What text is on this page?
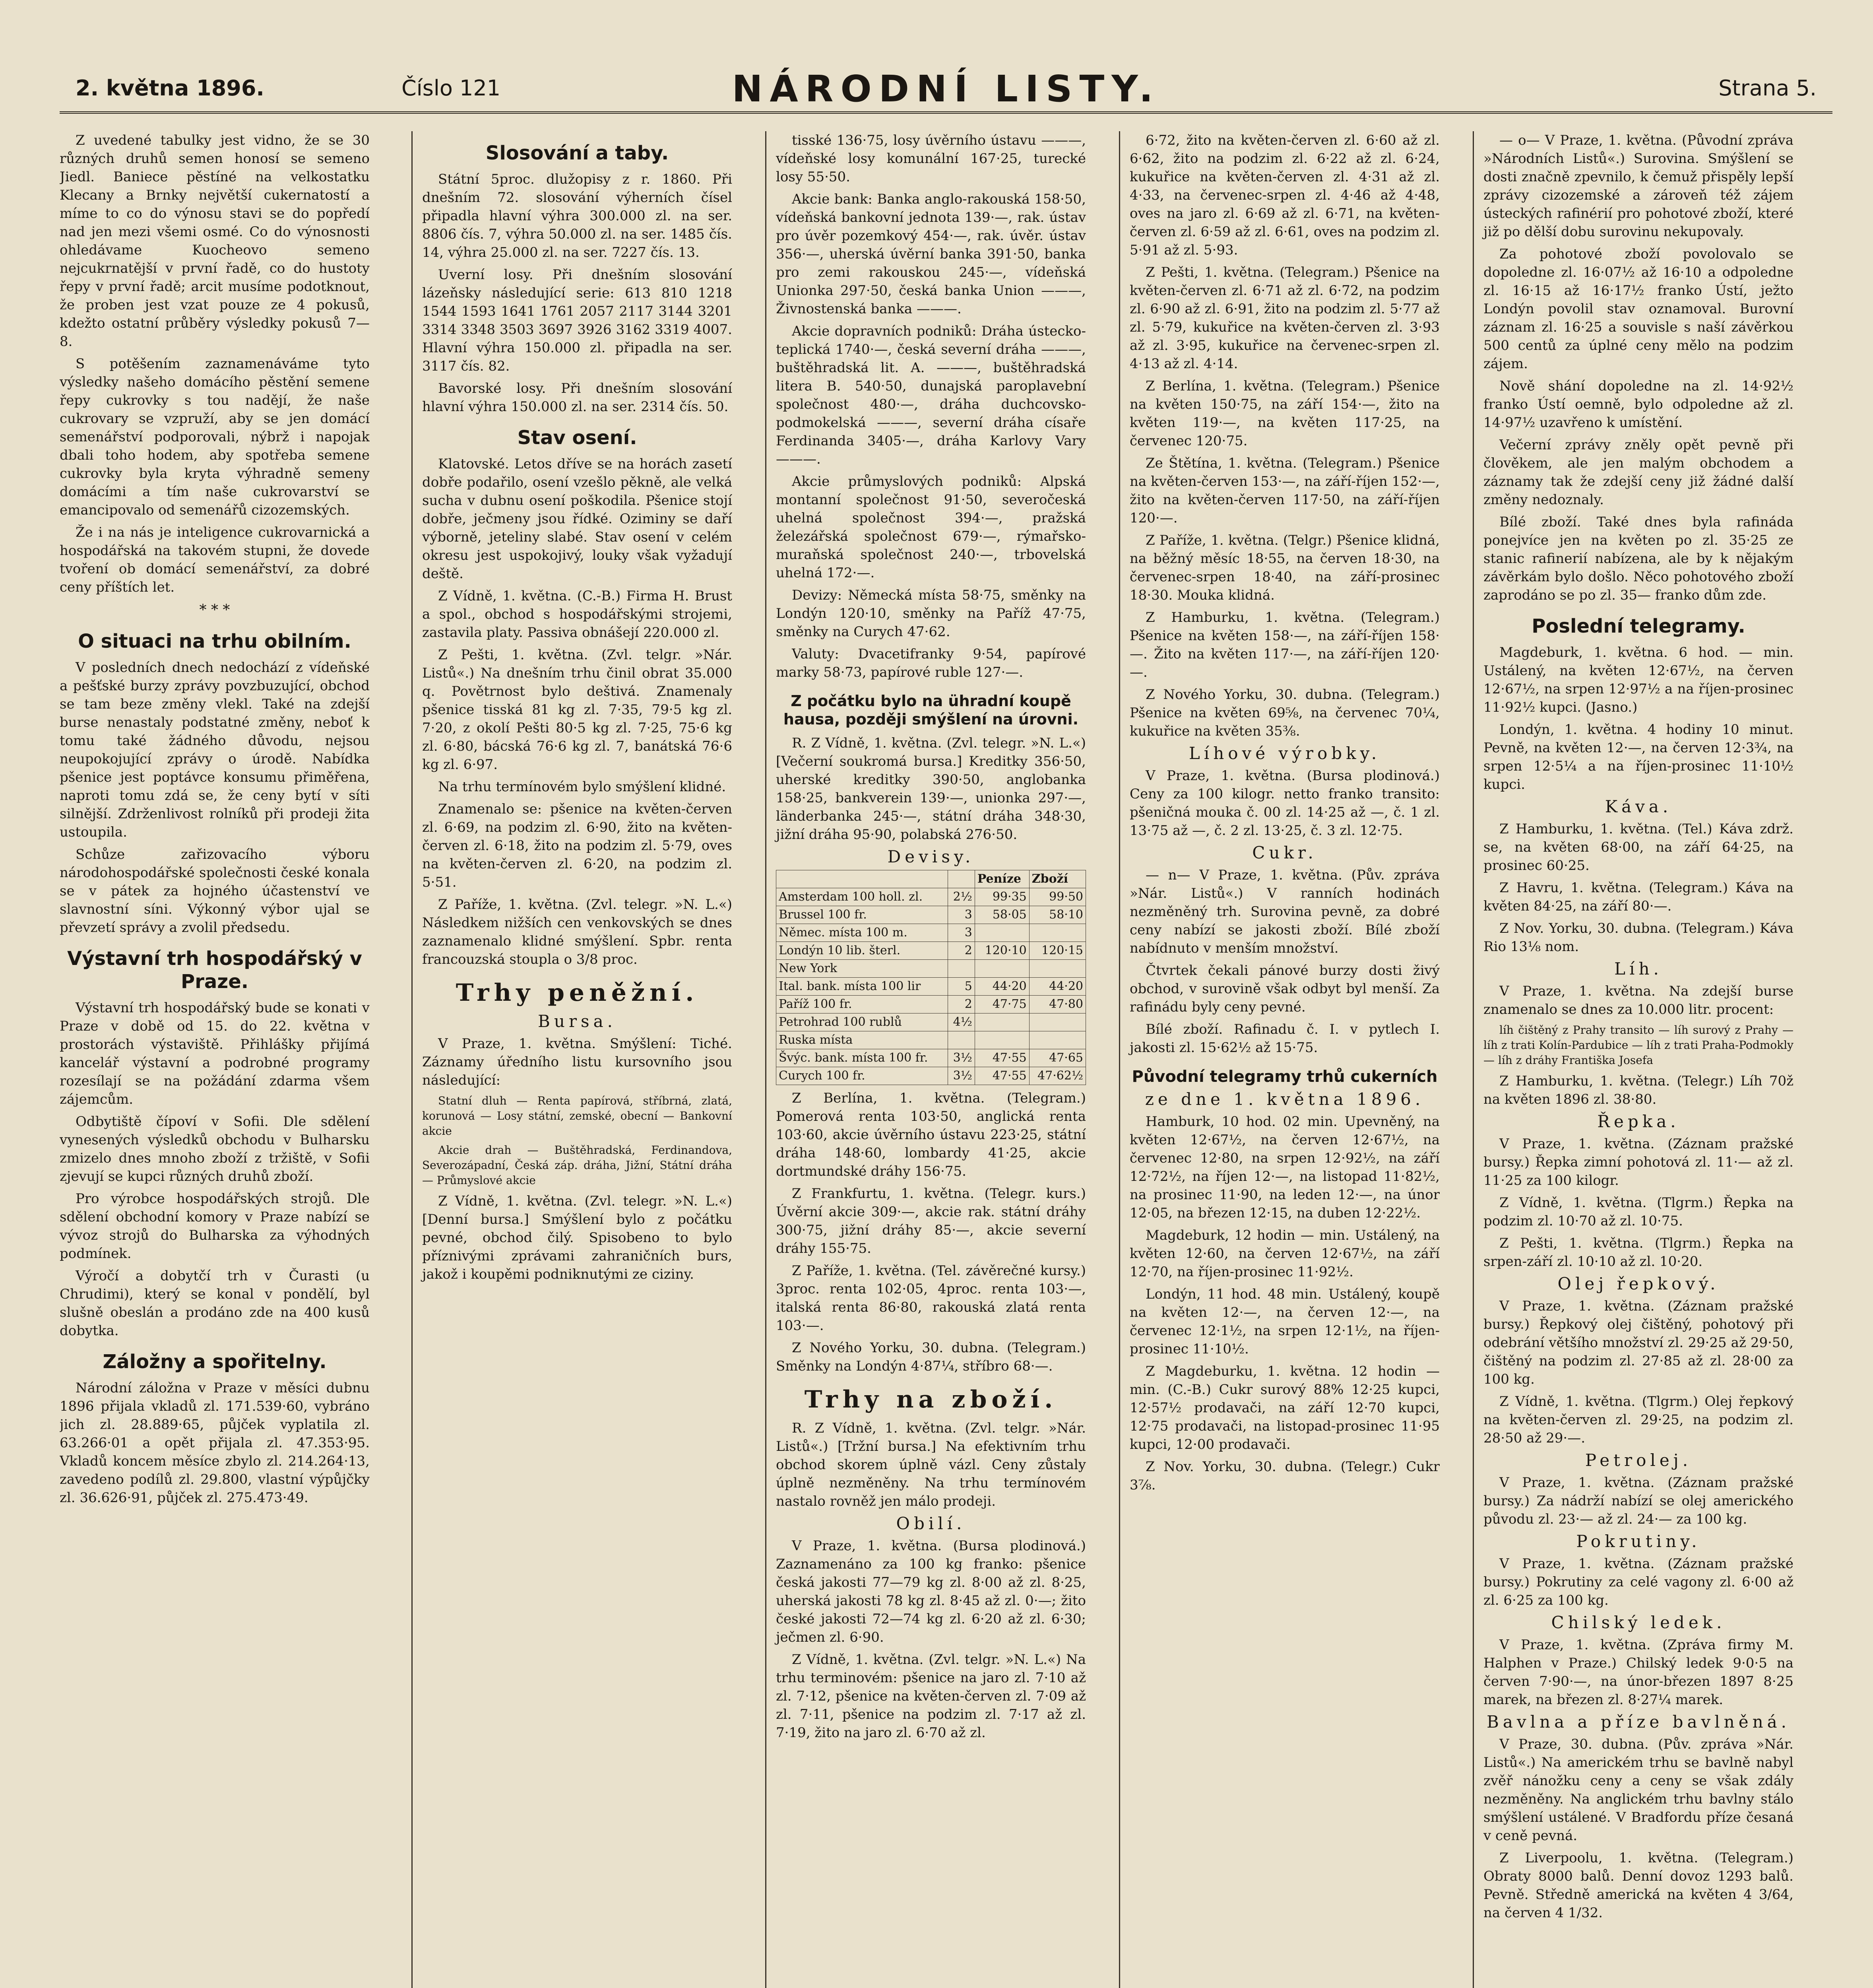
2. května 1896.	Číslo 121	NÁRODNÍ LISTY.	Strana 5.

Z uvedené tabulky jest vidno, že se 30 různých druhů semen honosí se semeno Jiedl. Baniece pěstíné na velkostatku Klecany a Brnky největší cukernatostí a míme to co do výnosu stavi se do popředí nad jen mezi všemi osmé. Co do výnosnosti ohledávame Kuocheovo semeno nejcukrnatější v první řadě, co do hustoty řepy v první řadě; arcit musíme podotknout, že proben jest vzat pouze ze 4 pokusů, kdežto ostatní průběry výsledky pokusů 7—8.

S potěšením zaznamenáváme tyto výsledky našeho domácího pěstění semene řepy cukrovky s tou nadějí, že naše cukrovary se vzpruží, aby se jen domácí semenářství podporovali, nýbrž i napojak dbali toho hodem, aby spotřeba semene cukrovky byla kryta výhradně semeny domácími a tím naše cukrovarství se emancipovalo od semenářů cizozemských.

Že i na nás je inteligence cukrovarnická a hospodářská na takovém stupni, že dovede tvoření ob domácí semenářství, za dobré ceny příštích let.

* * *
O situaci na trhu obilním.

V posledních dnech nedochází z vídeňské a pešťské burzy zprávy povzbuzující, obchod se tam beze změny vlekl. Také na zdejší burse nenastaly podstatné změny, neboť k tomu také žádného důvodu, nejsou neupokojující zprávy o úrodě. Nabídka pšenice jest poptávce konsumu přiměřena, naproti tomu zdá se, že ceny bytí v síti silnější. Zdrženlivost rolníků při prodeji žita ustoupila.

Schůze zařizovacího výboru národohospodářské společnosti české konala se v pátek za hojného účastenství ve slavnostní síni. Výkonný výbor ujal se převzetí správy a zvolil předsedu.

Výstavní trh hospodářský v Praze.

Výstavní trh hospodářský bude se konati v Praze v době od 15. do 22. května v prostorách výstaviště. Přihlášky přijímá kancelář výstavní a podrobné programy rozesílají se na požádání zdarma všem zájemcům.

Odbytiště čípoví v Sofii. Dle sdělení vynesených výsledků obchodu v Bulharsku zmizelo dnes mnoho zboží z tržiště, v Sofii zjevují se kupci různých druhů zboží.

Pro výrobce hospodářských strojů. Dle sdělení obchodní komory v Praze nabízí se vývoz strojů do Bulharska za výhodných podmínek.

Výročí a dobytčí trh v Čurasti (u Chrudimi), který se konal v pondělí, byl slušně obeslán a prodáno zde na 400 kusů dobytka.

Záložny a spořitelny.

Národní záložna v Praze v měsíci dubnu 1896 přijala vkladů zl. 171.539·60, vybráno jich zl. 28.889·65, půjček vyplatila zl. 63.266·01 a opět přijala zl. 47.353·95. Vkladů koncem měsíce zbylo zl. 214.264·13, zavedeno podílů zl. 29.800, vlastní výpůjčky zl. 36.626·91, půjček zl. 275.473·49.

Slosování a taby.

Státní 5proc. dlužopisy z r. 1860. Při dnešním 72. slosování výherních čísel připadla hlavní výhra 300.000 zl. na ser. 8806 čís. 7, výhra 50.000 zl. na ser. 1485 čís. 14, výhra 25.000 zl. na ser. 7227 čís. 13.

Uverní losy. Při dnešním slosování lázeňsky následující serie: 613 810 1218 1544 1593 1641 1761 2057 2117 3144 3201 3314 3348 3503 3697 3926 3162 3319 4007. Hlavní výhra 150.000 zl. připadla na ser. 3117 čís. 82.

Bavorské losy. Při dnešním slosování hlavní výhra 150.000 zl. na ser. 2314 čís. 50.

Stav osení.

Klatovské. Letos dříve se na horách zasetí dobře podařilo, osení vzešlo pěkně, ale velká sucha v dubnu osení poškodila. Pšenice stojí dobře, ječmeny jsou řídké. Oziminy se daří výborně, jeteliny slabé. Stav osení v celém okresu jest uspokojivý, louky však vyžadují deště.

Z Vídně, 1. května. (C.-B.) Firma H. Brust a spol., obchod s hospodářskými strojemi, zastavila platy. Passiva obnášejí 220.000 zl.

Z Pešti, 1. května. (Zvl. telgr. »Nár. Listů«.) Na dnešním trhu činil obrat 35.000 q. Povětrnost bylo deštivá. Znamenaly pšenice tisská 81 kg zl. 7·35, 79·5 kg zl. 7·20, z okolí Pešti 80·5 kg zl. 7·25, 75·6 kg zl. 6·80, bácská 76·6 kg zl. 7, banátská 76·6 kg zl. 6·97.

Na trhu termínovém bylo smýšlení klidné.

Znamenalo se: pšenice na květen-červen zl. 6·69, na podzim zl. 6·90, žito na květen-červen zl. 6·18, žito na podzim zl. 5·79, oves na květen-červen zl. 6·20, na podzim zl. 5·51.

Z Paříže, 1. května. (Zvl. telegr. »N. L.«) Následkem nižších cen venkovských se dnes zaznamenalo klidné smýšlení. Spbr. renta francouzská stoupla o 3/8 proc.

Trhy peněžní.
Bursa.

V Praze, 1. května. Smýšlení: Tiché. Záznamy úředního listu kursovního jsou následující:

Statní dluh — Renta papírová, stříbrná, zlatá, korunová — Losy státní, zemské, obecní — Bankovní akcie

Akcie drah — Buštěhradská, Ferdinandova, Severozápadní, Česká záp. dráha, Jižní, Státní dráha — Průmyslové akcie

Z Vídně, 1. května. (Zvl. telegr. »N. L.«) [Denní bursa.] Smýšlení bylo z počátku pevné, obchod čilý. Spisobeno to bylo příznivými zprávami zahraničních burs, jakož i koupěmi podniknutými ze ciziny.

tisské 136·75, losy úvěrního ústavu ———, vídeňské losy komunální 167·25, turecké losy 55·50.

Akcie bank: Banka anglo-rakouská 158·50, vídeňská bankovní jednota 139·—, rak. ústav pro úvěr pozemkový 454·—, rak. úvěr. ústav 356·—, uherská úvěrní banka 391·50, banka pro zemi rakouskou 245·—, vídeňská Unionka 297·50, česká banka Union ———, Živnostenská banka ———.

Akcie dopravních podniků: Dráha ústecko-teplická 1740·—, česká severní dráha ———, buštěhradská lit. A. ———, buštěhradská litera B. 540·50, dunajská paroplavební společnost 480·—, dráha duchcovsko-podmokelská ———, severní dráha císaře Ferdinanda 3405·—, dráha Karlovy Vary ———.

Akcie průmyslových podniků: Alpská montanní společnost 91·50, severočeská uhelná společnost 394·—, pražská železářská společnost 679·—, rýmařsko-muraňská společnost 240·—, trbovelská uhelná 172·—.

Devizy: Německá místa 58·75, směnky na Londýn 120·10, směnky na Paříž 47·75, směnky na Curych 47·62.

Valuty: Dvacetifranky 9·54, papírové marky 58·73, papírové ruble 127·—.

Z počátku bylo na ühradní koupě hausa, později smýšlení na úrovni.

R. Z Vídně, 1. května. (Zvl. telegr. »N. L.«) [Večerní soukromá bursa.] Kreditky 356·50, uherské kreditky 390·50, anglobanka 158·25, bankverein 139·—, unionka 297·—, länderbanka 245·—, státní dráha 348·30, jižní dráha 95·90, polabská 276·50.

Devisy.
		Peníze	Zboží
Amsterdam 100 holl. zl.	2½	99·35	99·50
Brussel 100 fr.	3	58·05	58·10
Němec. místa 100 m.	3		
Londýn 10 lib. šterl.	2	120·10	120·15
New York			
Ital. bank. místa 100 lir	5	44·20	44·20
Paříž 100 fr.	2	47·75	47·80
Petrohrad 100 rublů	4½		
Ruska místa			
Švýc. bank. místa 100 fr.	3½	47·55	47·65
Curych 100 fr.	3½	47·55	47·62½

Z Berlína, 1. května. (Telegram.) Pomerová renta 103·50, anglická renta 103·60, akcie úvěrního ústavu 223·25, státní dráha 148·60, lombardy 41·25, akcie dortmundské dráhy 156·75.

Z Frankfurtu, 1. května. (Telegr. kurs.) Úvěrní akcie 309·—, akcie rak. státní dráhy 300·75, jižní dráhy 85·—, akcie severní dráhy 155·75.

Z Paříže, 1. května. (Tel. závěrečné kursy.) 3proc. renta 102·05, 4proc. renta 103·—, italská renta 86·80, rakouská zlatá renta 103·—.

Z Nového Yorku, 30. dubna. (Telegram.) Směnky na Londýn 4·87¼, stříbro 68·—.

Trhy na zboží.

R. Z Vídně, 1. května. (Zvl. telgr. »Nár. Listů«.) [Tržní bursa.] Na efektivním trhu obchod skorem úplně vázl. Ceny zůstaly úplně nezměněny. Na trhu termínovém nastalo rovněž jen málo prodeji.

Obilí.

V Praze, 1. května. (Bursa plodinová.) Zaznamenáno za 100 kg franko: pšenice česká jakosti 77—79 kg zl. 8·00 až zl. 8·25, uherská jakosti 78 kg zl. 8·45 až zl. 0·—; žito české jakosti 72—74 kg zl. 6·20 až zl. 6·30; ječmen zl. 6·90.

Z Vídně, 1. května. (Zvl. telgr. »N. L.«) Na trhu terminovém: pšenice na jaro zl. 7·10 až zl. 7·12, pšenice na květen-červen zl. 7·09 až zl. 7·11, pšenice na podzim zl. 7·17 až zl. 7·19, žito na jaro zl. 6·70 až zl.

6·72, žito na květen-červen zl. 6·60 až zl. 6·62, žito na podzim zl. 6·22 až zl. 6·24, kukuřice na květen-červen zl. 4·31 až zl. 4·33, na červenec-srpen zl. 4·46 až 4·48, oves na jaro zl. 6·69 až zl. 6·71, na květen-červen zl. 6·59 až zl. 6·61, oves na podzim zl. 5·91 až zl. 5·93.

Z Pešti, 1. května. (Telegram.) Pšenice na květen-červen zl. 6·71 až zl. 6·72, na podzim zl. 6·90 až zl. 6·91, žito na podzim zl. 5·77 až zl. 5·79, kukuřice na květen-červen zl. 3·93 až zl. 3·95, kukuřice na červenec-srpen zl. 4·13 až zl. 4·14.

Z Berlína, 1. května. (Telegram.) Pšenice na květen 150·75, na září 154·—, žito na květen 119·—, na květen 117·25, na červenec 120·75.

Ze Štětína, 1. května. (Telegram.) Pšenice na květen-červen 153·—, na září-říjen 152·—, žito na květen-červen 117·50, na září-říjen 120·—.

Z Paříže, 1. května. (Telgr.) Pšenice klidná, na běžný měsíc 18·55, na červen 18·30, na červenec-srpen 18·40, na září-prosinec 18·30. Mouka klidná.

Z Hamburku, 1. května. (Telegram.) Pšenice na květen 158·—, na září-říjen 158·—. Žito na květen 117·—, na září-říjen 120·—.

Z Nového Yorku, 30. dubna. (Telegram.) Pšenice na květen 69⅝, na červenec 70¼, kukuřice na květen 35⅜.

Líhové výrobky.

V Praze, 1. května. (Bursa plodinová.) Ceny za 100 kilogr. netto franko transito: pšeničná mouka č. 00 zl. 14·25 až —, č. 1 zl. 13·75 až —, č. 2 zl. 13·25, č. 3 zl. 12·75.

Cukr.

— n— V Praze, 1. května. (Pův. zpráva »Nár. Listů«.) V ranních hodinách nezměněný trh. Surovina pevně, za dobré ceny nabízí se jakosti zboží. Bílé zboží nabídnuto v menším množství.

Čtvrtek čekali pánové burzy dosti živý obchod, v surovině však odbyt byl menší. Za rafinádu byly ceny pevné.

Bílé zboží. Rafinadu č. I. v pytlech I. jakosti zl. 15·62½ až 15·75.

Původní telegramy trhů cukerních
ze dne 1. května 1896.

Hamburk, 10 hod. 02 min. Upevněný, na květen 12·67½, na červen 12·67½, na červenec 12·80, na srpen 12·92½, na září 12·72½, na říjen 12·—, na listopad 11·82½, na prosinec 11·90, na leden 12·—, na únor 12·05, na březen 12·15, na duben 12·22½.

Magdeburk, 12 hodin — min. Ustálený, na květen 12·60, na červen 12·67½, na září 12·70, na říjen-prosinec 11·92½.

Londýn, 11 hod. 48 min. Ustálený, koupě na květen 12·—, na červen 12·—, na červenec 12·1½, na srpen 12·1½, na říjen-prosinec 11·10½.

Z Magdeburku, 1. května. 12 hodin — min. (C.-B.) Cukr surový 88% 12·25 kupci, 12·57½ prodavači, na září 12·70 kupci, 12·75 prodavači, na listopad-prosinec 11·95 kupci, 12·00 prodavači.

Z Nov. Yorku, 30. dubna. (Telegr.) Cukr 3⅞.

— o— V Praze, 1. května. (Původní zpráva »Národních Listů«.) Surovina. Smýšlení se dosti značně zpevnilo, k čemuž přispěly lepší zprávy cizozemské a zároveň též zájem ústeckých rafinérií pro pohotové zboží, které již po dělší dobu surovinu nekupovaly.

Za pohotové zboží povolovalo se dopoledne zl. 16·07½ až 16·10 a odpoledne zl. 16·15 až 16·17½ franko Ústí, ježto Londýn povolil stav oznamoval. Burovní záznam zl. 16·25 a souvisle s naší závěrkou 500 centů za úplné ceny mělo na podzim zájem.

Nově shání dopoledne na zl. 14·92½ franko Ústí oemně, bylo odpoledne až zl. 14·97½ uzavřeno k umístění.

Večerní zprávy zněly opět pevně při člověkem, ale jen malým obchodem a záznamy tak že zdejší ceny již žádné další změny nedoznaly.

Bílé zboží. Také dnes byla rafináda ponejvíce jen na květen po zl. 35·25 ze stanic rafinerií nabízena, ale by k nějakým závěrkám bylo došlo. Něco pohotového zboží zaprodáno se po zl. 35— franko dům zde.

Poslední telegramy.

Magdeburk, 1. května. 6 hod. — min. Ustálený, na květen 12·67½, na červen 12·67½, na srpen 12·97½ a na říjen-prosinec 11·92½ kupci. (Jasno.)

Londýn, 1. května. 4 hodiny 10 minut. Pevně, na květen 12·—, na červen 12·3¾, na srpen 12·5¼ a na říjen-prosinec 11·10½ kupci.

Káva.

Z Hamburku, 1. května. (Tel.) Káva zdrž. se, na květen 68·00, na září 64·25, na prosinec 60·25.

Z Havru, 1. května. (Telegram.) Káva na květen 84·25, na září 80·—.

Z Nov. Yorku, 30. dubna. (Telegram.) Káva Rio 13⅛ nom.

Líh.

V Praze, 1. května. Na zdejší burse znamenalo se dnes za 10.000 litr. procent:

líh čištěný z Prahy transito — líh surový z Prahy — líh z trati Kolín-Pardubice — líh z trati Praha-Podmokly — líh z dráhy Františka Josefa

Z Hamburku, 1. května. (Telegr.) Líh 70ž na květen 1896 zl. 38·80.

Řepka.

V Praze, 1. května. (Záznam pražské bursy.) Řepka zimní pohotová zl. 11·— až zl. 11·25 za 100 kilogr.

Z Vídně, 1. května. (Tlgrm.) Řepka na podzim zl. 10·70 až zl. 10·75.

Z Pešti, 1. května. (Tlgrm.) Řepka na srpen-září zl. 10·10 až zl. 10·20.

Olej řepkový.

V Praze, 1. května. (Záznam pražské bursy.) Řepkový olej čištěný, pohotový při odebrání většího množství zl. 29·25 až 29·50, čištěný na podzim zl. 27·85 až zl. 28·00 za 100 kg.

Z Vídně, 1. května. (Tlgrm.) Olej řepkový na květen-červen zl. 29·25, na podzim zl. 28·50 až 29·—.

Petrolej.

V Praze, 1. května. (Záznam pražské bursy.) Za nádrží nabízí se olej amerického původu zl. 23·— až zl. 24·— za 100 kg.

Pokrutiny.

V Praze, 1. května. (Záznam pražské bursy.) Pokrutiny za celé vagony zl. 6·00 až zl. 6·25 za 100 kg.

Chilský ledek.

V Praze, 1. května. (Zpráva firmy M. Halphen v Praze.) Chilský ledek 9·0·5 na červen 7·90·—, na únor-březen 1897 8·25 marek, na březen zl. 8·27¼ marek.

Bavlna a příze bavlněná.

V Praze, 30. dubna. (Pův. zpráva »Nár. Listů«.) Na americkém trhu se bavlně nabyl zvěř nánožku ceny a ceny se však zdály nezměněny. Na anglickém trhu bavlny stálo smýšlení ustálené. V Bradfordu příze česaná v ceně pevná.

Z Liverpoolu, 1. května. (Telegram.) Obraty 8000 balů. Denní dovoz 1293 balů. Pevně. Středně americká na květen 4 3/64, na červen 4 1/32.
